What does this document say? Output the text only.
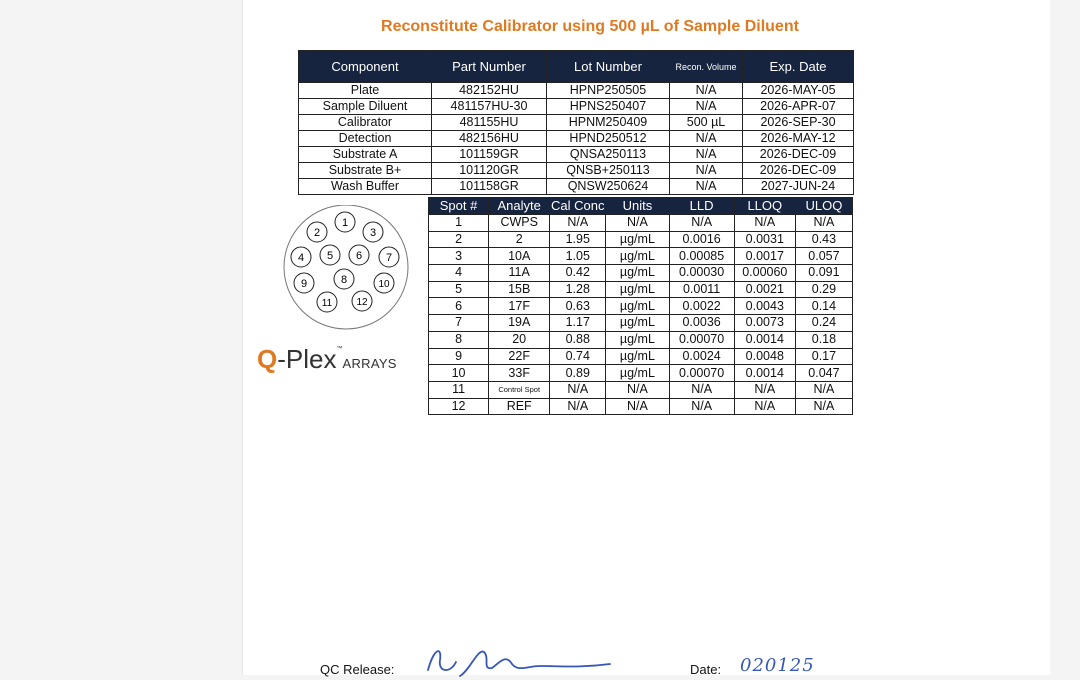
Reconstitute Calibrator using 500 µL of Sample Diluent
Component	Part Number	Lot Number	Recon. Volume	Exp. Date
Plate	482152HU	HPNP250505	N/A	2026-MAY-05
Sample Diluent	481157HU-30	HPNS250407	N/A	2026-APR-07
Calibrator	481155HU	HPNM250409	500 µL	2026-SEP-30
Detection	482156HU	HPND250512	N/A	2026-MAY-12
Substrate A	101159GR	QNSA250113	N/A	2026-DEC-09
Substrate B+	101120GR	QNSB+250113	N/A	2026-DEC-09
Wash Buffer	101158GR	QNSW250624	N/A	2027-JUN-24
1
2	3
4 5 6 7
8
9	10
11 12
Q-Plex™ARRAYS
Spot #	Analyte	Cal Conc	Units	LLD	LLOQ	ULOQ
1	CWPS	N/A	N/A	N/A	N/A	N/A
2	2	1.95	µg/mL	0.0016	0.0031	0.43
3	10A	1.05	µg/mL	0.00085	0.0017	0.057
4	11A	0.42	µg/mL	0.00030	0.00060	0.091
5	15B	1.28	µg/mL	0.0011	0.0021	0.29
6	17F	0.63	µg/mL	0.0022	0.0043	0.14
7	19A	1.17	µg/mL	0.0036	0.0073	0.24
8	20	0.88	µg/mL	0.00070	0.0014	0.18
9	22F	0.74	µg/mL	0.0024	0.0048	0.17
10	33F	0.89	µg/mL	0.00070	0.0014	0.047
11	Control Spot	N/A	N/A	N/A	N/A	N/A
12	REF	N/A	N/A	N/A	N/A	N/A
QC Release:	Date: 020125
